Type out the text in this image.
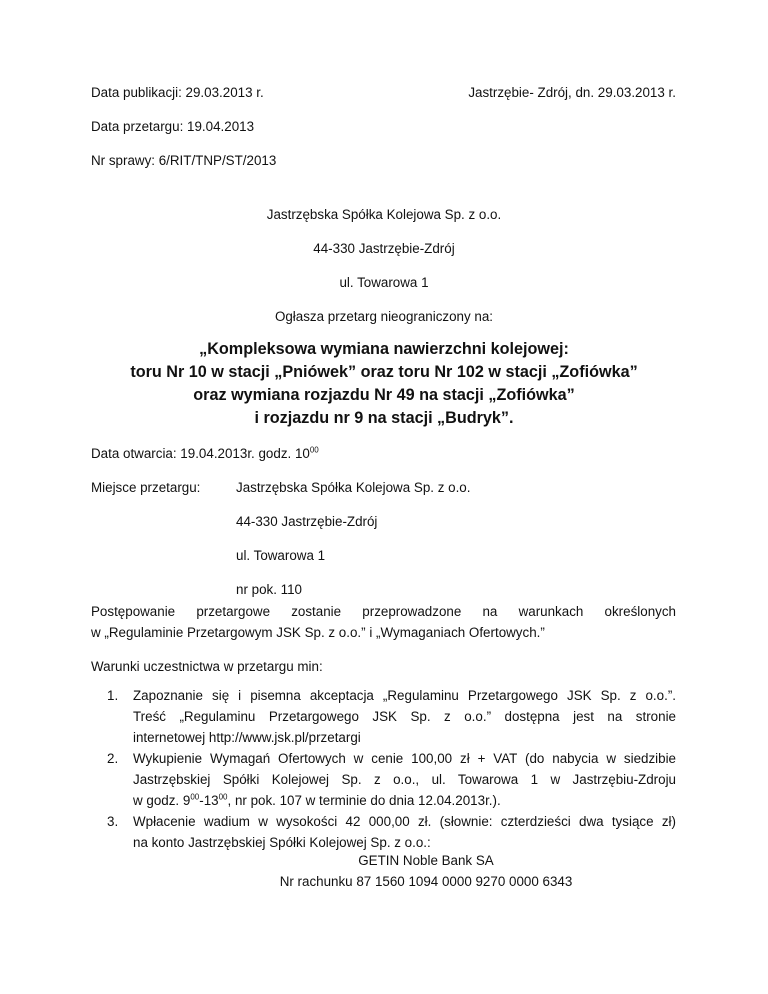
Data publikacji: 29.03.2013 r.	Jastrzębie- Zdrój, dn. 29.03.2013 r.
Data przetargu: 19.04.2013
Nr sprawy: 6/RIT/TNP/ST/2013
Jastrzębska Spółka Kolejowa Sp. z o.o.
44-330 Jastrzębie-Zdrój
ul. Towarowa 1
Ogłasza przetarg nieograniczony na:
„Kompleksowa wymiana nawierzchni kolejowej:
toru Nr 10 w stacji „Pniówek” oraz toru Nr 102 w stacji „Zofiówka”
oraz wymiana rozjazdu Nr 49 na stacji „Zofiówka”
i rozjazdu nr 9 na stacji „Budryk”.
Data otwarcia: 19.04.2013r. godz. $10^{00}$
Miejsce przetargu:	Jastrzębska Spółka Kolejowa Sp. z o.o.
44-330 Jastrzębie-Zdrój
ul. Towarowa 1
nr pok. 110
Postępowanie przetargowe zostanie przeprowadzone na warunkach określonych
w „Regulaminie Przetargowym JSK Sp. z o.o.” i „Wymaganiach Ofertowych.”
Warunki uczestnictwa w przetargu min:
1. Zapoznanie się i pisemna akceptacja „Regulaminu Przetargowego JSK Sp. z o.o.”.
Treść „Regulaminu Przetargowego JSK Sp. z o.o.” dostępna jest na stronie
internetowej http://www.jsk.pl/przetargi
2. Wykupienie Wymagań Ofertowych w cenie 100,00 zł + VAT (do nabycia w siedzibie
Jastrzębskiej Spółki Kolejowej Sp. z o.o., ul. Towarowa 1 w Jastrzębiu-Zdroju
w godz. $9^{00}-13^{00}$, nr pok. 107 w terminie do dnia 12.04.2013r.).
3. Wpłacenie wadium w wysokości 42 000,00 zł. (słownie: czterdzieści dwa tysiące zł)
na konto Jastrzębskiej Spółki Kolejowej Sp. z o.o.:
GETIN Noble Bank SA
Nr rachunku 87 1560 1094 0000 9270 0000 6343
